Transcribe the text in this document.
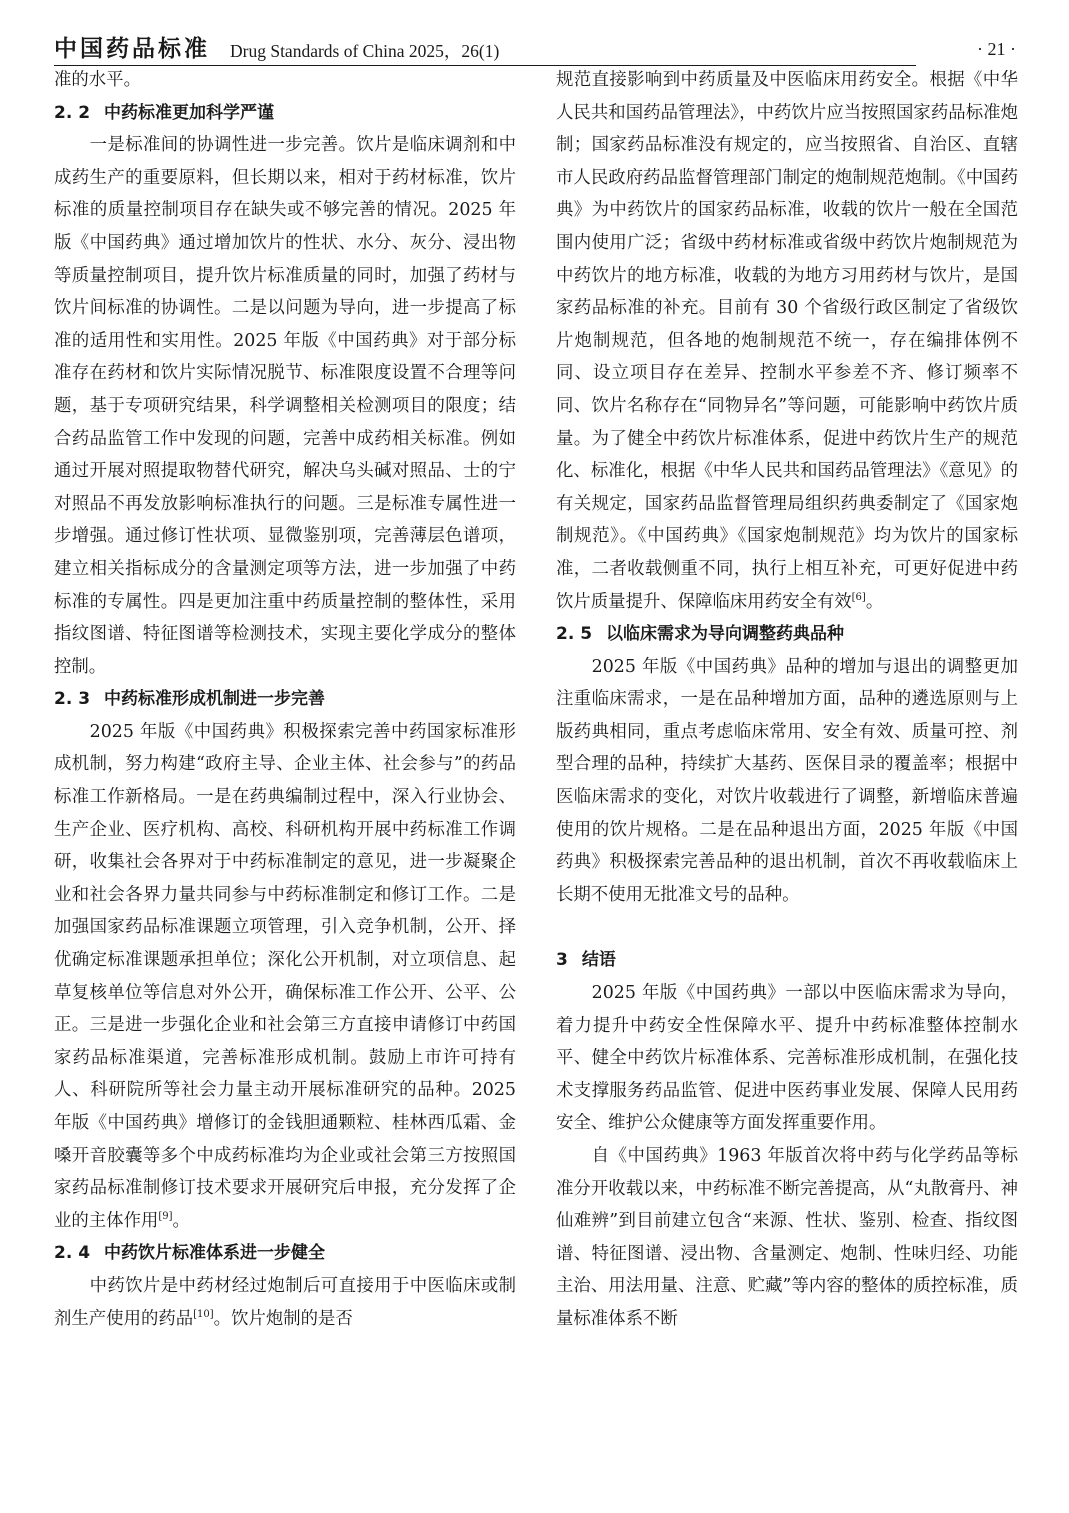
中国药品标准 Drug Standards of China 2025，26(1)	· 21 ·

准的水平。

2. 2 中药标准更加科学严谨

一是标准间的协调性进一步完善。饮片是临床调剂和中成药生产的重要原料，但长期以来，相对于药材标准，饮片标准的质量控制项目存在缺失或不够完善的情况。2025 年版《中国药典》通过增加饮片的性状、水分、灰分、浸出物等质量控制项目，提升饮片标准质量的同时，加强了药材与饮片间标准的协调性。二是以问题为导向，进一步提高了标准的适用性和实用性。2025 年版《中国药典》对于部分标准存在药材和饮片实际情况脱节、标准限度设置不合理等问题，基于专项研究结果，科学调整相关检测项目的限度；结合药品监管工作中发现的问题，完善中成药相关标准。例如通过开展对照提取物替代研究，解决乌头碱对照品、士的宁对照品不再发放影响标准执行的问题。三是标准专属性进一步增强。通过修订性状项、显微鉴别项，完善薄层色谱项，建立相关指标成分的含量测定项等方法，进一步加强了中药标准的专属性。四是更加注重中药质量控制的整体性，采用指纹图谱、特征图谱等检测技术，实现主要化学成分的整体控制。

2. 3 中药标准形成机制进一步完善

2025 年版《中国药典》积极探索完善中药国家标准形成机制，努力构建“政府主导、企业主体、社会参与”的药品标准工作新格局。一是在药典编制过程中，深入行业协会、生产企业、医疗机构、高校、科研机构开展中药标准工作调研，收集社会各界对于中药标准制定的意见，进一步凝聚企业和社会各界力量共同参与中药标准制定和修订工作。二是加强国家药品标准课题立项管理，引入竞争机制，公开、择优确定标准课题承担单位；深化公开机制，对立项信息、起草复核单位等信息对外公开，确保标准工作公开、公平、公正。三是进一步强化企业和社会第三方直接申请修订中药国家药品标准渠道，完善标准形成机制。鼓励上市许可持有人、科研院所等社会力量主动开展标准研究的品种。2025 年版《中国药典》增修订的金钱胆通颗粒、桂林西瓜霜、金嗓开音胶囊等多个中成药标准均为企业或社会第三方按照国家药品标准制修订技术要求开展研究后申报，充分发挥了企业的主体作用[9]。

2. 4 中药饮片标准体系进一步健全

中药饮片是中药材经过炮制后可直接用于中医临床或制剂生产使用的药品[10]。饮片炮制的是否

规范直接影响到中药质量及中医临床用药安全。根据《中华人民共和国药品管理法》，中药饮片应当按照国家药品标准炮制；国家药品标准没有规定的，应当按照省、自治区、直辖市人民政府药品监督管理部门制定的炮制规范炮制。《中国药典》为中药饮片的国家药品标准，收载的饮片一般在全国范围内使用广泛；省级中药材标准或省级中药饮片炮制规范为中药饮片的地方标准，收载的为地方习用药材与饮片，是国家药品标准的补充。目前有 30 个省级行政区制定了省级饮片炮制规范，但各地的炮制规范不统一，存在编排体例不同、设立项目存在差异、控制水平参差不齐、修订频率不同、饮片名称存在“同物异名”等问题，可能影响中药饮片质量。为了健全中药饮片标准体系，促进中药饮片生产的规范化、标准化，根据《中华人民共和国药品管理法》《意见》的有关规定，国家药品监督管理局组织药典委制定了《国家炮制规范》。《中国药典》《国家炮制规范》均为饮片的国家标准，二者收载侧重不同，执行上相互补充，可更好促进中药饮片质量提升、保障临床用药安全有效[6]。

2. 5 以临床需求为导向调整药典品种

2025 年版《中国药典》品种的增加与退出的调整更加注重临床需求，一是在品种增加方面，品种的遴选原则与上版药典相同，重点考虑临床常用、安全有效、质量可控、剂型合理的品种，持续扩大基药、医保目录的覆盖率；根据中医临床需求的变化，对饮片收载进行了调整，新增临床普遍使用的饮片规格。二是在品种退出方面，2025 年版《中国药典》积极探索完善品种的退出机制，首次不再收载临床上长期不使用无批准文号的品种。

3 结语

2025 年版《中国药典》一部以中医临床需求为导向，着力提升中药安全性保障水平、提升中药标准整体控制水平、健全中药饮片标准体系、完善标准形成机制，在强化技术支撑服务药品监管、促进中医药事业发展、保障人民用药安全、维护公众健康等方面发挥重要作用。

自《中国药典》1963 年版首次将中药与化学药品等标准分开收载以来，中药标准不断完善提高，从“丸散膏丹、神仙难辨”到目前建立包含“来源、性状、鉴别、检查、指纹图谱、特征图谱、浸出物、含量测定、炮制、性味归经、功能主治、用法用量、注意、贮藏”等内容的整体的质控标准，质量标准体系不断
